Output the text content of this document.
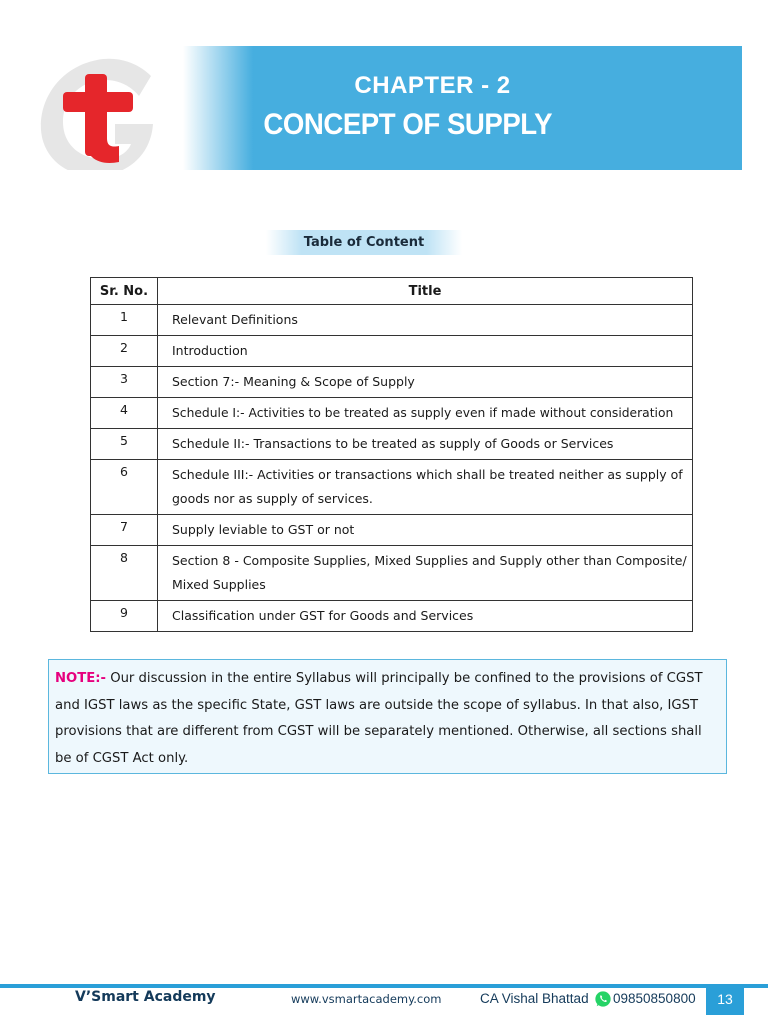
CHAPTER - 2
CONCEPT OF SUPPLY
Table of Content
Sr. No.	Title
1	Relevant Definitions
2	Introduction
3	Section 7:- Meaning & Scope of Supply
4	Schedule I:- Activities to be treated as supply even if made without consideration
5	Schedule II:- Transactions to be treated as supply of Goods or Services
6	Schedule III:- Activities or transactions which shall be treated neither as supply of goods nor as supply of services.
7	Supply leviable to GST or not
8	Section 8 - Composite Supplies, Mixed Supplies and Supply other than Composite/ Mixed Supplies
9	Classification under GST for Goods and Services
NOTE:- Our discussion in the entire Syllabus will principally be confined to the provisions of CGST and IGST laws as the specific State, GST laws are outside the scope of syllabus. In that also, IGST provisions that are different from CGST will be separately mentioned. Otherwise, all sections shall be of CGST Act only.
V’Smart Academy	www.vsmartacademy.com	CA Vishal Bhattad 09850850800	13
